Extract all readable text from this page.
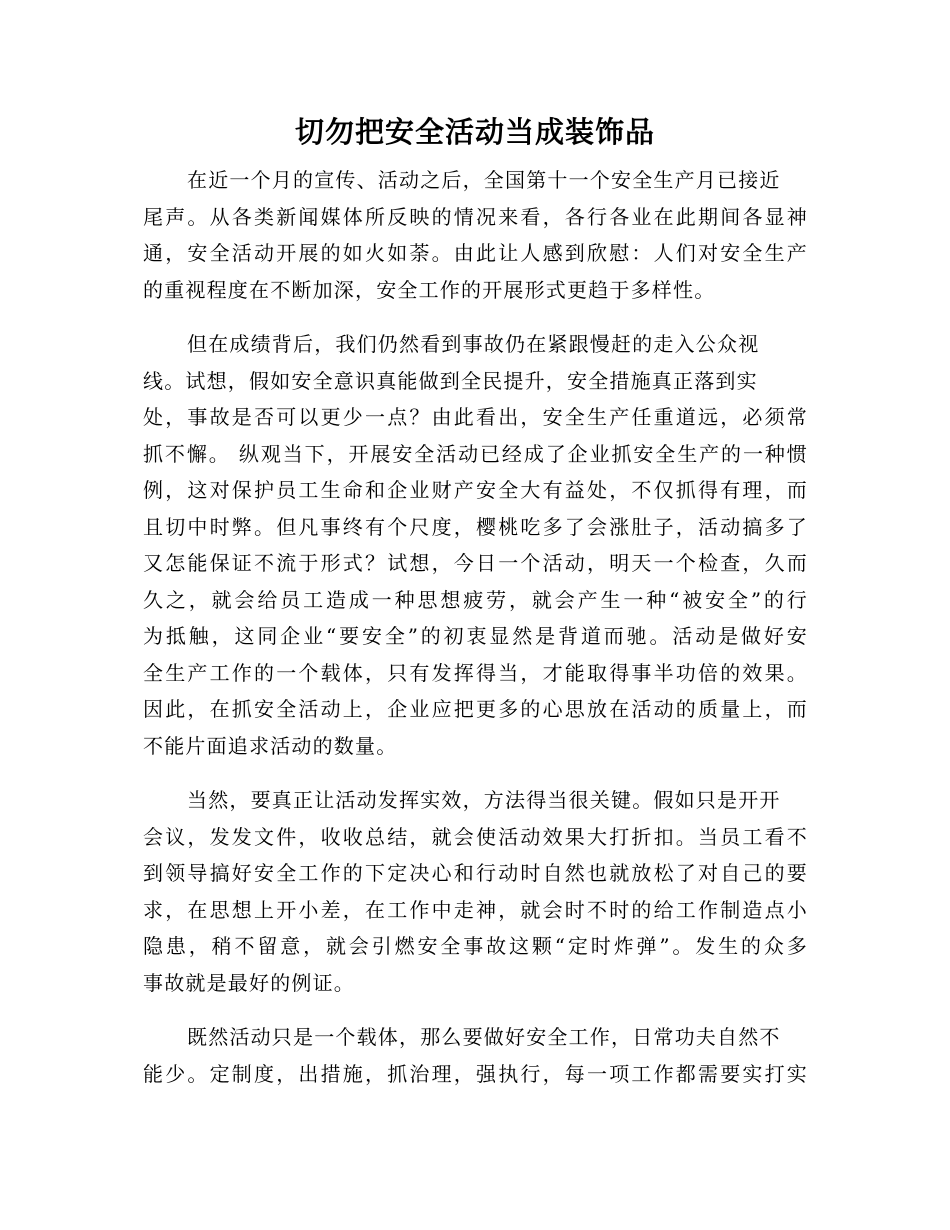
切勿把安全活动当成装饰品
在近一个月的宣传、活动之后，全国第十一个安全生产月已接近
尾声。从各类新闻媒体所反映的情况来看，各行各业在此期间各显神
通，安全活动开展的如火如荼。由此让人感到欣慰：人们对安全生产
的重视程度在不断加深，安全工作的开展形式更趋于多样性。
但在成绩背后，我们仍然看到事故仍在紧跟慢赶的走入公众视
线。试想，假如安全意识真能做到全民提升，安全措施真正落到实
处，事故是否可以更少一点？由此看出，安全生产任重道远，必须常
抓不懈。 纵观当下，开展安全活动已经成了企业抓安全生产的一种惯
例，这对保护员工生命和企业财产安全大有益处，不仅抓得有理，而
且切中时弊。但凡事终有个尺度，樱桃吃多了会涨肚子，活动搞多了
又怎能保证不流于形式？试想，今日一个活动，明天一个检查，久而
久之，就会给员工造成一种思想疲劳，就会产生一种“被安全”的行
为抵触，这同企业“要安全”的初衷显然是背道而驰。活动是做好安
全生产工作的一个载体，只有发挥得当，才能取得事半功倍的效果。
因此，在抓安全活动上，企业应把更多的心思放在活动的质量上，而
不能片面追求活动的数量。
当然，要真正让活动发挥实效，方法得当很关键。假如只是开开
会议，发发文件，收收总结，就会使活动效果大打折扣。当员工看不
到领导搞好安全工作的下定决心和行动时自然也就放松了对自己的要
求，在思想上开小差，在工作中走神，就会时不时的给工作制造点小
隐患，稍不留意，就会引燃安全事故这颗“定时炸弹”。发生的众多
事故就是最好的例证。
既然活动只是一个载体，那么要做好安全工作，日常功夫自然不
能少。定制度，出措施，抓治理，强执行，每一项工作都需要实打实
